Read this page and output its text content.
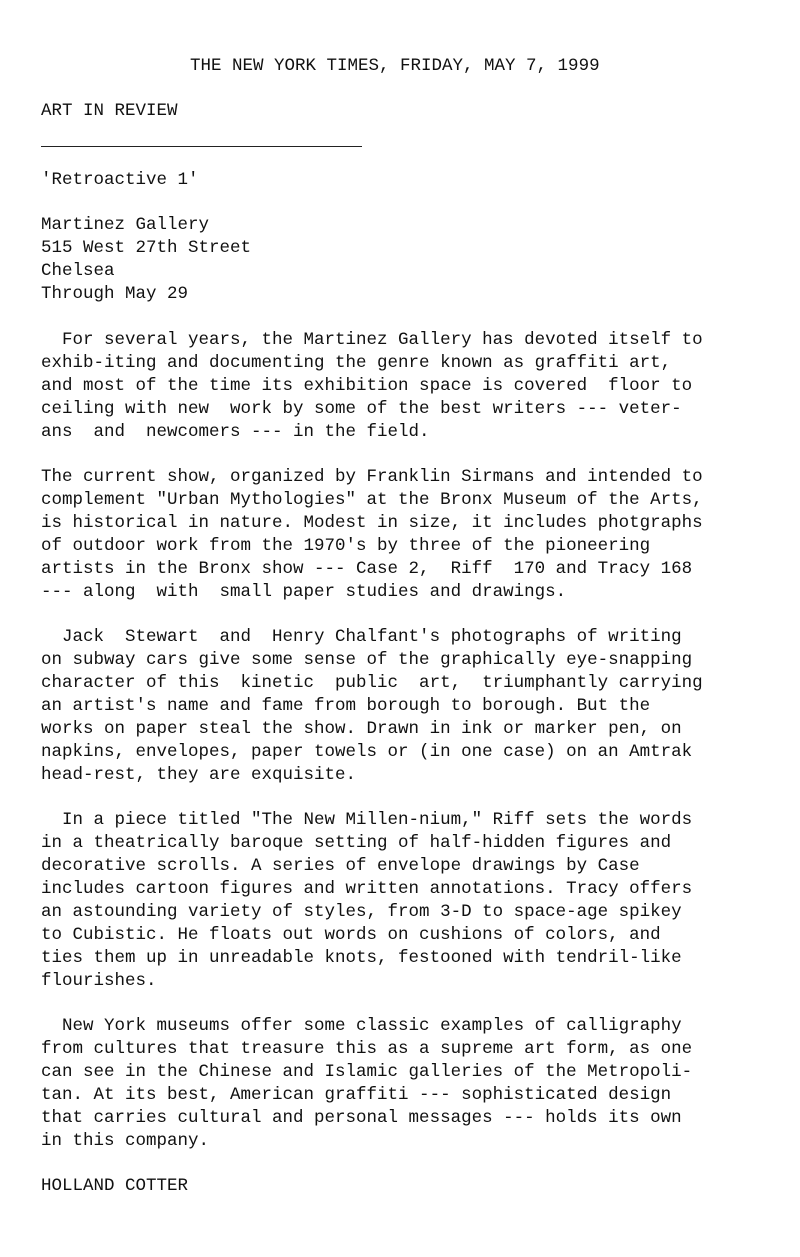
THE NEW YORK TIMES, FRIDAY, MAY 7, 1999
ART IN REVIEW
'Retroactive 1'
Martinez Gallery
515 West 27th Street
Chelsea
Through May 29
For several years, the Martinez Gallery has devoted itself to
exhib-iting and documenting the genre known as graffiti art,
and most of the time its exhibition space is covered  floor to
ceiling with new  work by some of the best writers --- veter-
ans  and  newcomers --- in the field.
The current show, organized by Franklin Sirmans and intended to
complement "Urban Mythologies" at the Bronx Museum of the Arts,
is historical in nature. Modest in size, it includes photgraphs
of outdoor work from the 1970's by three of the pioneering
artists in the Bronx show --- Case 2,  Riff  170 and Tracy 168
--- along  with  small paper studies and drawings.
Jack  Stewart  and  Henry Chalfant's photographs of writing
on subway cars give some sense of the graphically eye-snapping
character of this  kinetic  public  art,  triumphantly carrying
an artist's name and fame from borough to borough. But the
works on paper steal the show. Drawn in ink or marker pen, on
napkins, envelopes, paper towels or (in one case) on an Amtrak
head-rest, they are exquisite.
In a piece titled "The New Millen-nium," Riff sets the words
in a theatrically baroque setting of half-hidden figures and
decorative scrolls. A series of envelope drawings by Case
includes cartoon figures and written annotations. Tracy offers
an astounding variety of styles, from 3-D to space-age spikey
to Cubistic. He floats out words on cushions of colors, and
ties them up in unreadable knots, festooned with tendril-like
flourishes.
New York museums offer some classic examples of calligraphy
from cultures that treasure this as a supreme art form, as one
can see in the Chinese and Islamic galleries of the Metropoli-
tan. At its best, American graffiti --- sophisticated design
that carries cultural and personal messages --- holds its own
in this company.
HOLLAND COTTER
